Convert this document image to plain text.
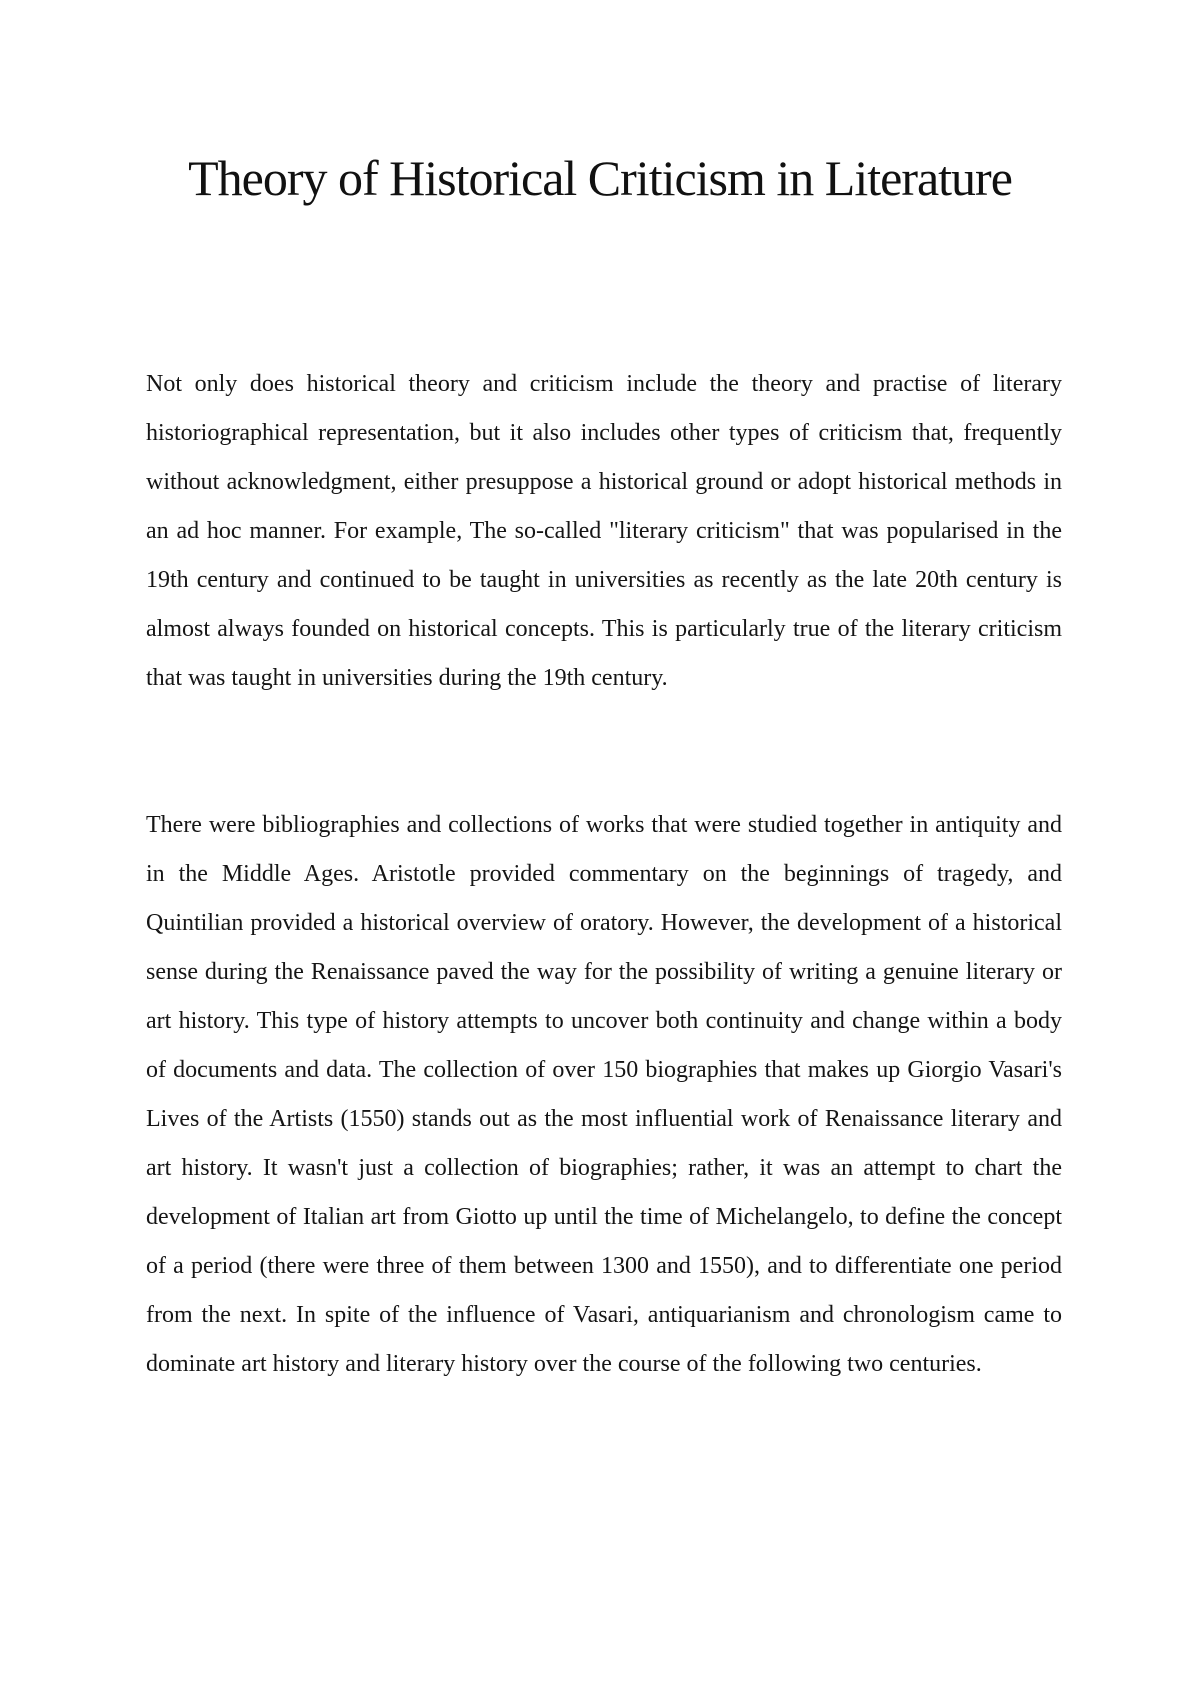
Theory of Historical Criticism in Literature

Not only does historical theory and criticism include the theory and practise of literary historiographical representation, but it also includes other types of criticism that, frequently without acknowledgment, either presuppose a historical ground or adopt historical methods in an ad hoc manner. For example, The so-called "literary criticism" that was popularised in the 19th century and continued to be taught in universities as recently as the late 20th century is almost always founded on historical concepts. This is particularly true of the literary criticism that was taught in universities during the 19th century.

There were bibliographies and collections of works that were studied together in antiquity and in the Middle Ages. Aristotle provided commentary on the beginnings of tragedy, and Quintilian provided a historical overview of oratory. However, the development of a historical sense during the Renaissance paved the way for the possibility of writing a genuine literary or art history. This type of history attempts to uncover both continuity and change within a body of documents and data. The collection of over 150 biographies that makes up Giorgio Vasari's Lives of the Artists (1550) stands out as the most influential work of Renaissance literary and art history. It wasn't just a collection of biographies; rather, it was an attempt to chart the development of Italian art from Giotto up until the time of Michelangelo, to define the concept of a period (there were three of them between 1300 and 1550), and to differentiate one period from the next. In spite of the influence of Vasari, antiquarianism and chronologism came to dominate art history and literary history over the course of the following two centuries.
